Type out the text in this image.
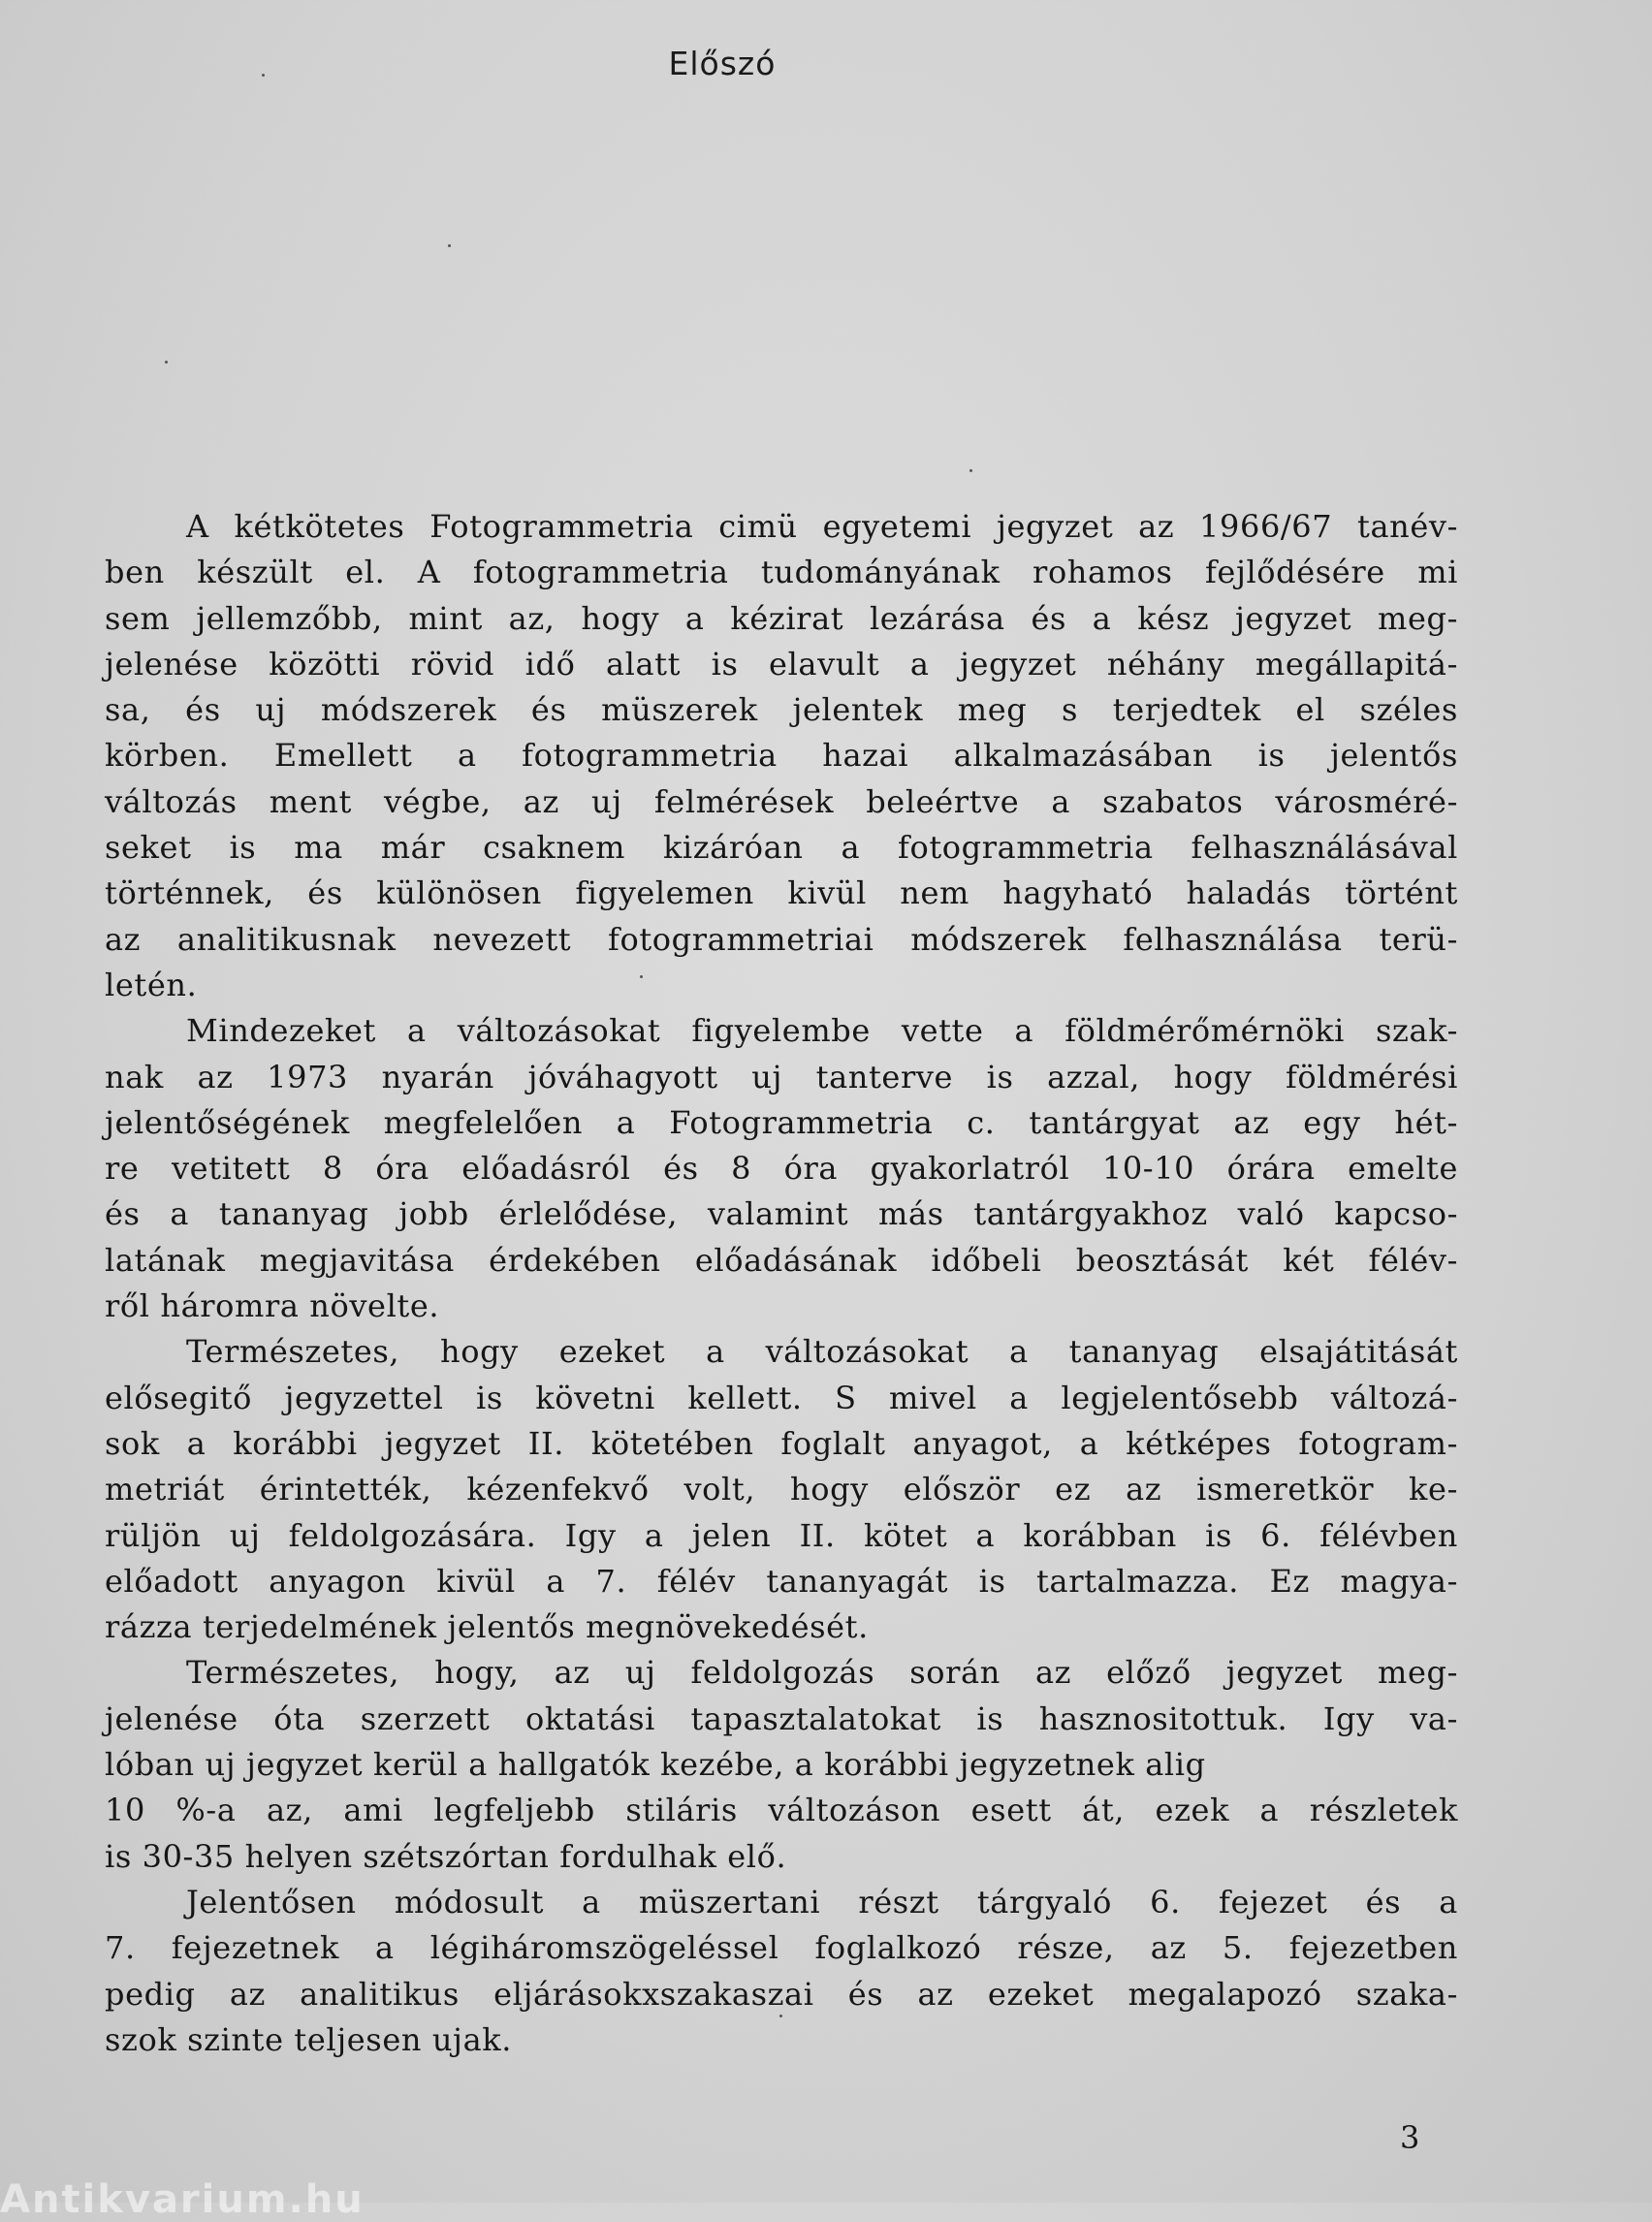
Előszó
A kétkötetes Fotogrammetria cimü egyetemi jegyzet az 1966/67 tanév-
ben készült el. A fotogrammetria tudományának rohamos fejlődésére mi
sem jellemzőbb, mint az, hogy a kézirat lezárása és a kész jegyzet meg-
jelenése közötti rövid idő alatt is elavult a jegyzet néhány megállapitá-
sa, és uj módszerek és müszerek jelentek meg s terjedtek el széles
körben. Emellett a fotogrammetria hazai alkalmazásában is jelentős
változás ment végbe, az uj felmérések beleértve a szabatos városméré-
seket is ma már csaknem kizáróan a fotogrammetria felhasználásával
történnek, és különösen figyelemen kivül nem hagyható haladás történt
az analitikusnak nevezett fotogrammetriai módszerek felhasználása terü-
letén.
Mindezeket a változásokat figyelembe vette a földmérőmérnöki szak-
nak az 1973 nyarán jóváhagyott uj tanterve is azzal, hogy földmérési
jelentőségének megfelelően a Fotogrammetria c. tantárgyat az egy hét-
re vetitett 8 óra előadásról és 8 óra gyakorlatról 10-10 órára emelte
és a tananyag jobb érlelődése, valamint más tantárgyakhoz való kapcso-
latának megjavitása érdekében előadásának időbeli beosztását két félév-
ről háromra növelte.
Természetes, hogy ezeket a változásokat a tananyag elsajátitását
elősegitő jegyzettel is követni kellett. S mivel a legjelentősebb változá-
sok a korábbi jegyzet II. kötetében foglalt anyagot, a kétképes fotogram-
metriát érintették, kézenfekvő volt, hogy először ez az ismeretkör ke-
rüljön uj feldolgozására. Igy a jelen II. kötet a korábban is 6. félévben
előadott anyagon kivül a 7. félév tananyagát is tartalmazza. Ez magya-
rázza terjedelmének jelentős megnövekedését.
Természetes, hogy, az uj feldolgozás során az előző jegyzet meg-
jelenése óta szerzett oktatási tapasztalatokat is hasznositottuk. Igy va-
lóban uj jegyzet kerül a hallgatók kezébe, a korábbi jegyzetnek alig
10 %-a az, ami legfeljebb stiláris változáson esett át, ezek a részletek
is 30-35 helyen szétszórtan fordulhak elő.
Jelentősen módosult a müszertani részt tárgyaló 6. fejezet és a
7. fejezetnek a légiháromszögeléssel foglalkozó része, az 5. fejezetben
pedig az analitikus eljárásokxszakaszai és az ezeket megalapozó szaka-
szok szinte teljesen ujak.
3
Antikvarium.hu
